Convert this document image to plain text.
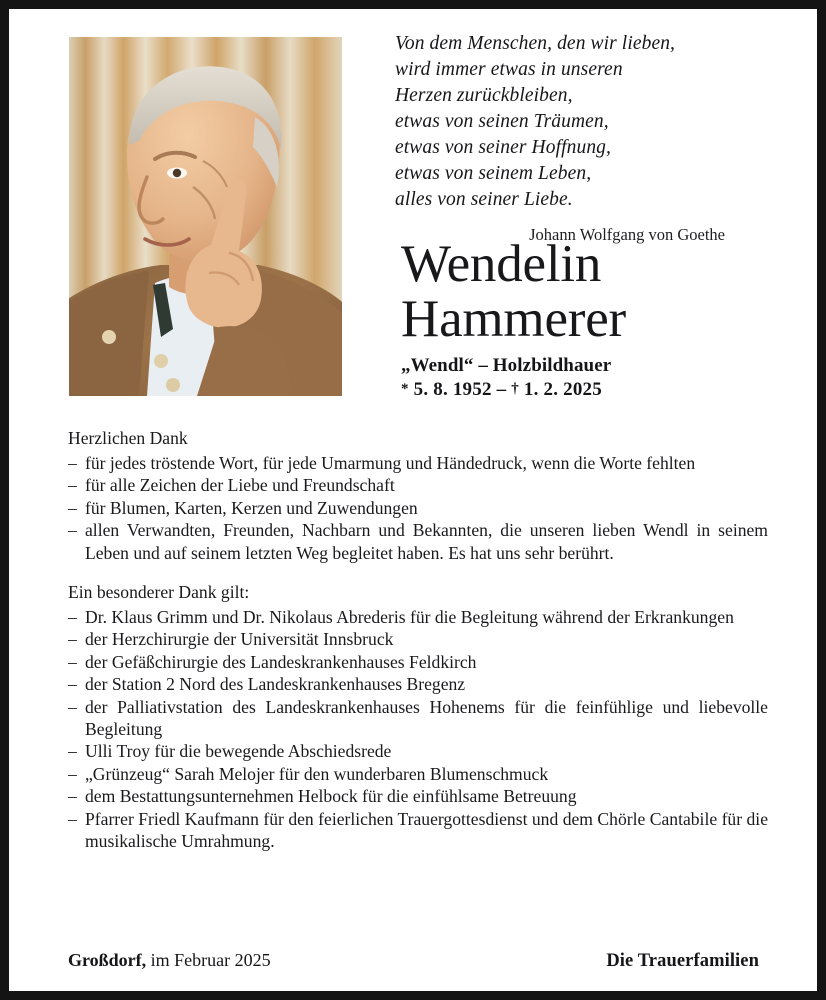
Von dem Menschen, den wir lieben,
wird immer etwas in unseren
Herzen zurückbleiben,
etwas von seinen Träumen,
etwas von seiner Hoffnung,
etwas von seinem Leben,
alles von seiner Liebe.
Johann Wolfgang von Goethe
Wendelin
Hammerer
„Wendl“ – Holzbildhauer
* 5. 8. 1952 – † 1. 2. 2025
Herzlichen Dank
– für jedes tröstende Wort, für jede Umarmung und Händedruck, wenn die Worte fehlten
– für alle Zeichen der Liebe und Freundschaft
– für Blumen, Karten, Kerzen und Zuwendungen
– allen Verwandten, Freunden, Nachbarn und Bekannten, die unseren lieben Wendl in seinem Leben und auf seinem letzten Weg begleitet haben. Es hat uns sehr berührt.
Ein besonderer Dank gilt:
– Dr. Klaus Grimm und Dr. Nikolaus Abrederis für die Begleitung während der Erkrankungen
– der Herzchirurgie der Universität Innsbruck
– der Gefäßchirurgie des Landeskrankenhauses Feldkirch
– der Station 2 Nord des Landeskrankenhauses Bregenz
– der Palliativstation des Landeskrankenhauses Hohenems für die feinfühlige und liebevolle Begleitung
– Ulli Troy für die bewegende Abschiedsrede
– „Grünzeug“ Sarah Melojer für den wunderbaren Blumenschmuck
– dem Bestattungsunternehmen Helbock für die einfühlsame Betreuung
– Pfarrer Friedl Kaufmann für den feierlichen Trauergottesdienst und dem Chörle Cantabile für die musikalische Umrahmung.
Großdorf, im Februar 2025	Die Trauerfamilien
